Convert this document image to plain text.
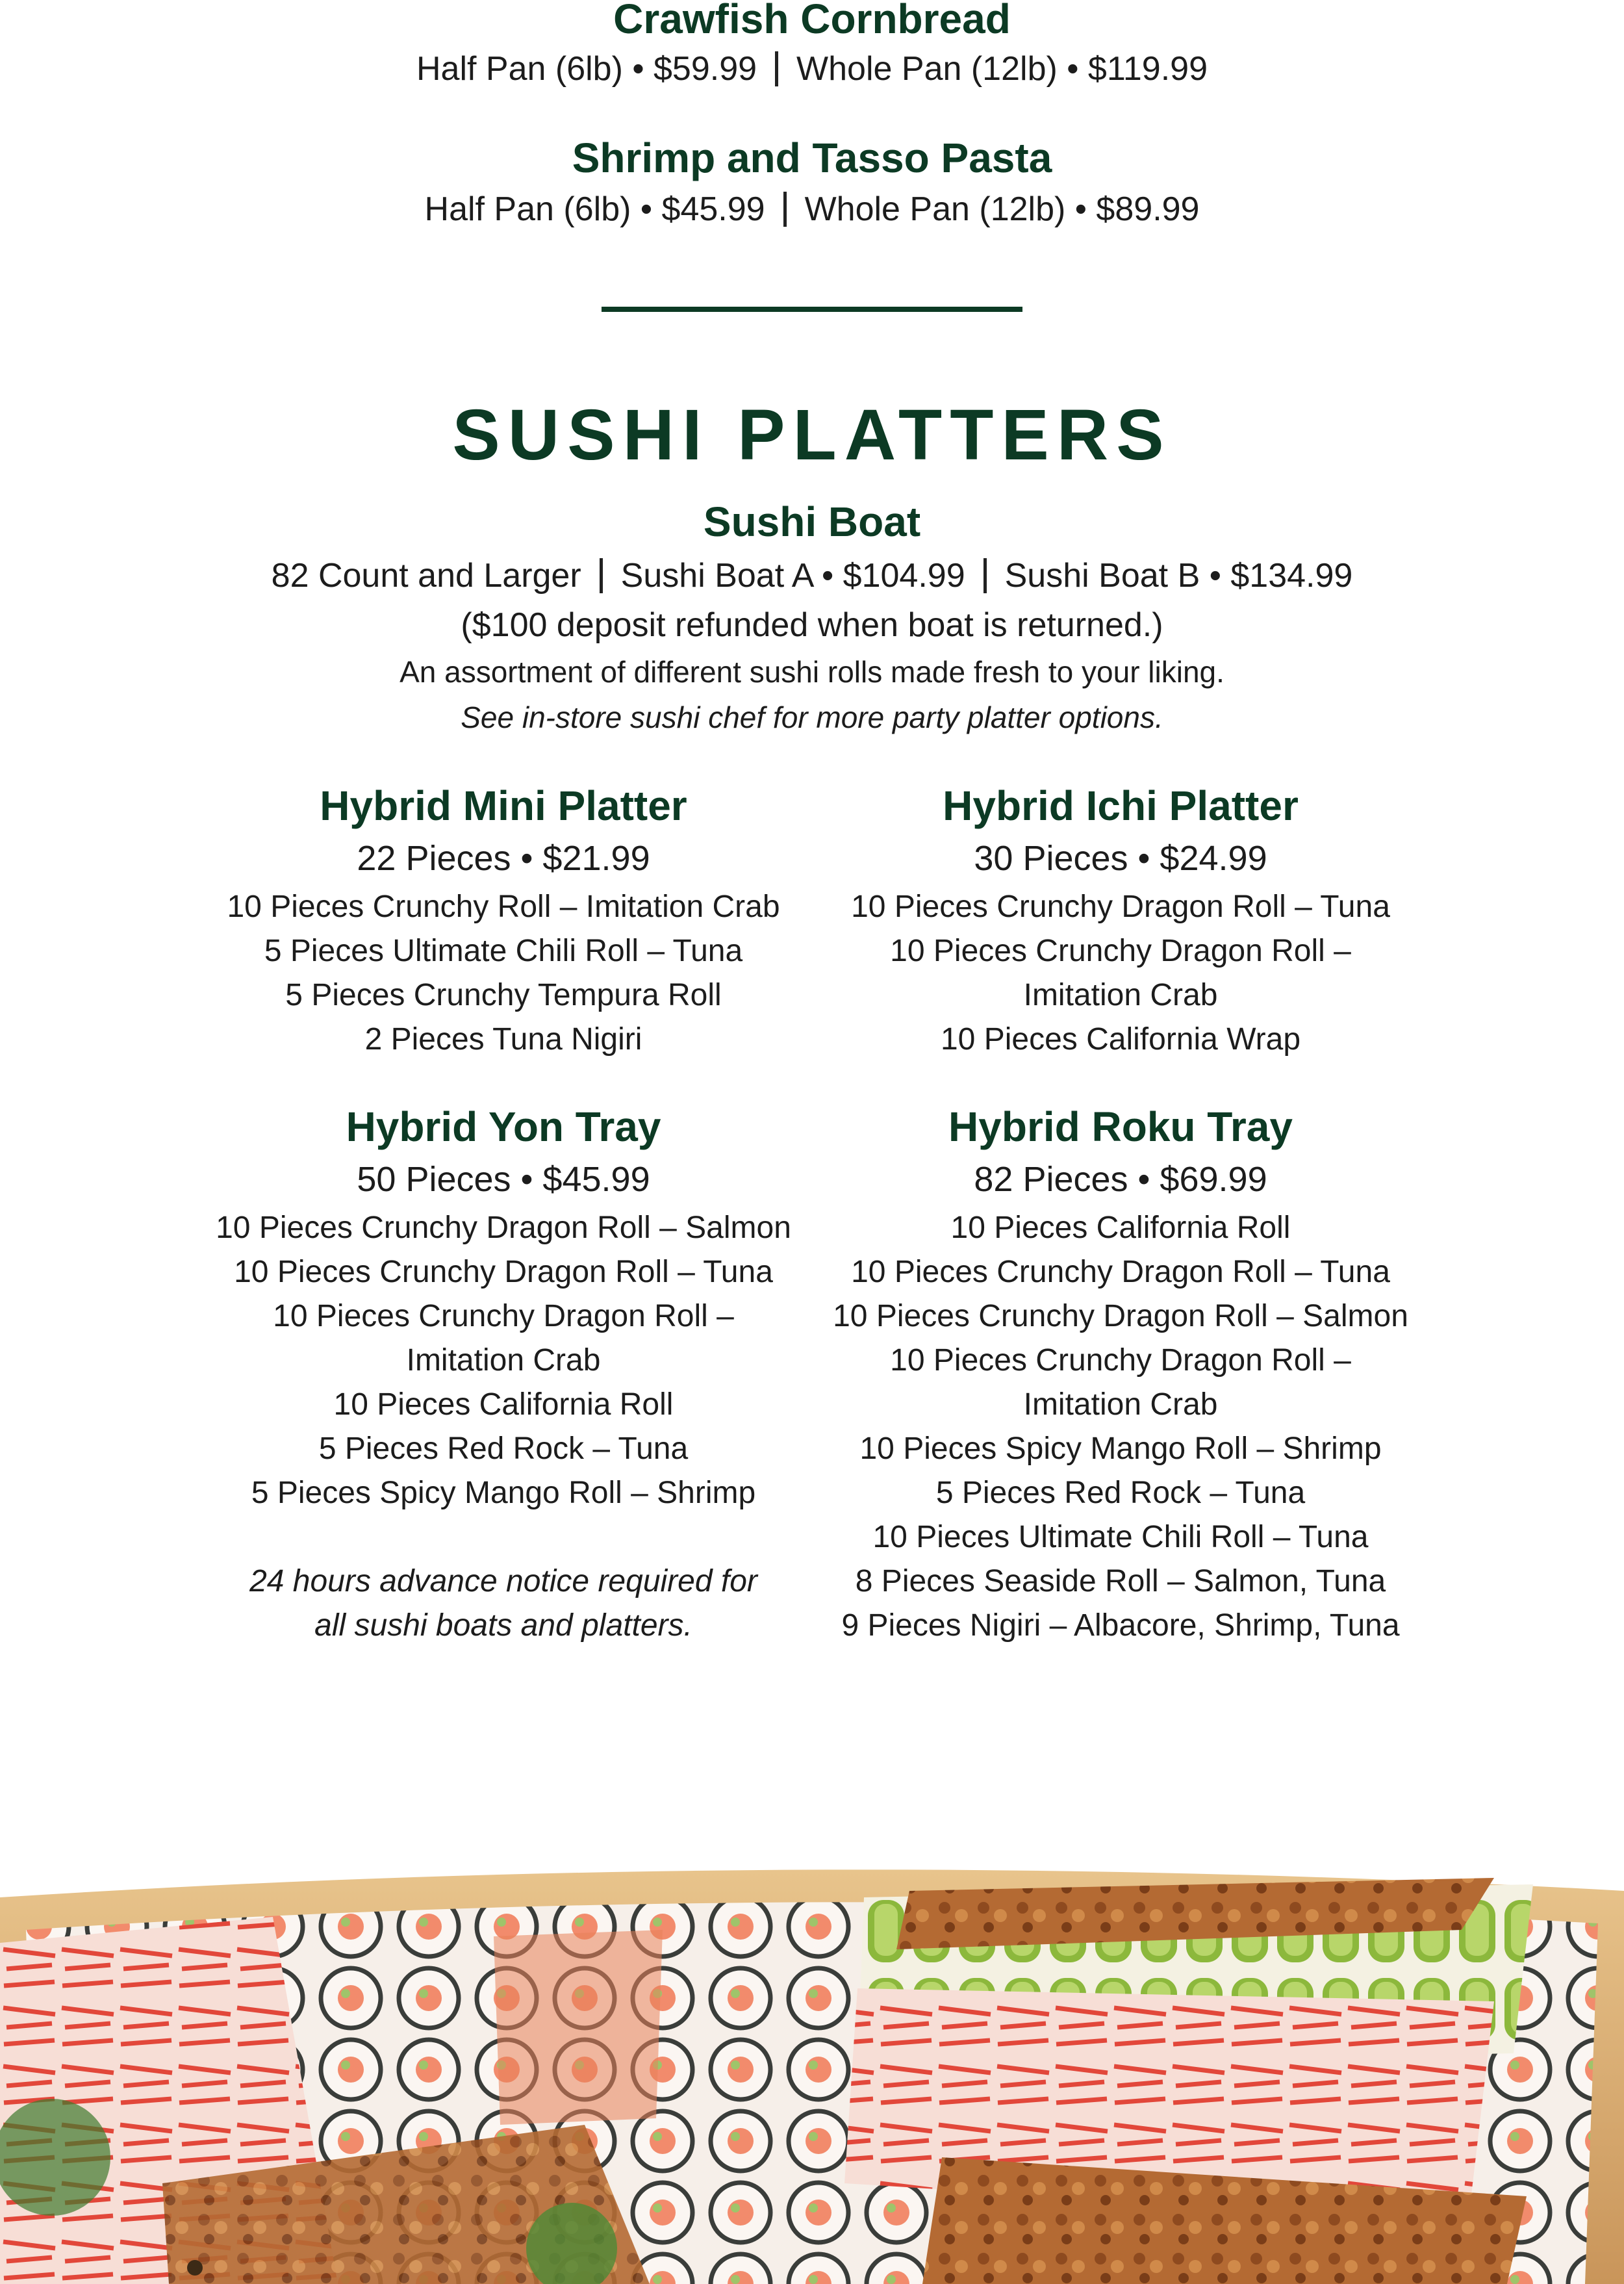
Crawfish Cornbread
Half Pan (6lb) • $59.99 Whole Pan (12lb) • $119.99
Shrimp and Tasso Pasta
Half Pan (6lb) • $45.99 Whole Pan (12lb) • $89.99
SUSHI PLATTERS
Sushi Boat
82 Count and Larger Sushi Boat A • $104.99 Sushi Boat B • $134.99
($100 deposit refunded when boat is returned.)
An assortment of different sushi rolls made fresh to your liking.
See in-store sushi chef for more party platter options.
Hybrid Mini Platter
22 Pieces • $21.99
10 Pieces Crunchy Roll – Imitation Crab
5 Pieces Ultimate Chili Roll – Tuna
5 Pieces Crunchy Tempura Roll
2 Pieces Tuna Nigiri
Hybrid Ichi Platter
30 Pieces • $24.99
10 Pieces Crunchy Dragon Roll – Tuna
10 Pieces Crunchy Dragon Roll –
Imitation Crab
10 Pieces California Wrap
Hybrid Yon Tray
50 Pieces • $45.99
10 Pieces Crunchy Dragon Roll – Salmon
10 Pieces Crunchy Dragon Roll – Tuna
10 Pieces Crunchy Dragon Roll –
Imitation Crab
10 Pieces California Roll
5 Pieces Red Rock – Tuna
5 Pieces Spicy Mango Roll – Shrimp
24 hours advance notice required for
all sushi boats and platters.
Hybrid Roku Tray
82 Pieces • $69.99
10 Pieces California Roll
10 Pieces Crunchy Dragon Roll – Tuna
10 Pieces Crunchy Dragon Roll – Salmon
10 Pieces Crunchy Dragon Roll –
Imitation Crab
10 Pieces Spicy Mango Roll – Shrimp
5 Pieces Red Rock – Tuna
10 Pieces Ultimate Chili Roll – Tuna
8 Pieces Seaside Roll – Salmon, Tuna
9 Pieces Nigiri – Albacore, Shrimp, Tuna
